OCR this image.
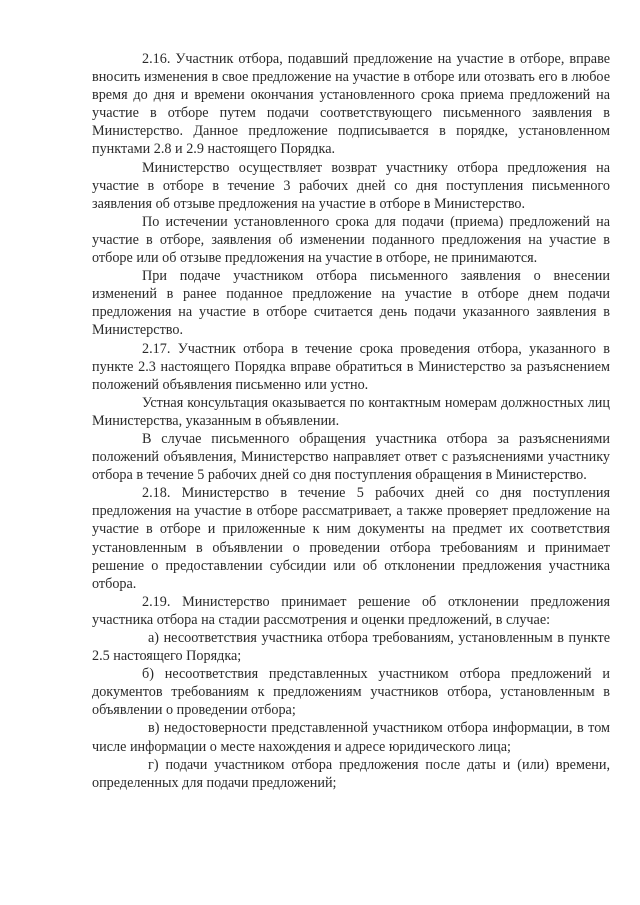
2.16. Участник отбора, подавший предложение на участие в отборе, вправе вносить изменения в свое предложение на участие в отборе или отозвать его в любое время до дня и времени окончания установленного срока приема предложений на участие в отборе путем подачи соответствующего письменного заявления в Министерство. Данное предложение подписывается в порядке, установленном пунктами 2.8 и 2.9 настоящего Порядка.

Министерство осуществляет возврат участнику отбора предложения на участие в отборе в течение 3 рабочих дней со дня поступления письменного заявления об отзыве предложения на участие в отборе в Министерство.

По истечении установленного срока для подачи (приема) предложений на участие в отборе, заявления об изменении поданного предложения на участие в отборе или об отзыве предложения на участие в отборе, не принимаются.

При подаче участником отбора письменного заявления о внесении изменений в ранее поданное предложение на участие в отборе днем подачи предложения на участие в отборе считается день подачи указанного заявления в Министерство.

2.17. Участник отбора в течение срока проведения отбора, указанного в пункте 2.3 настоящего Порядка вправе обратиться в Министерство за разъяснением положений объявления письменно или устно.

Устная консультация оказывается по контактным номерам должностных лиц Министерства, указанным в объявлении.

В случае письменного обращения участника отбора за разъяснениями положений объявления, Министерство направляет ответ с разъяснениями участнику отбора в течение 5 рабочих дней со дня поступления обращения в Министерство.

2.18. Министерство в течение 5 рабочих дней со дня поступления предложения на участие в отборе рассматривает, а также проверяет предложение на участие в отборе и приложенные к ним документы на предмет их соответствия установленным в объявлении о проведении отбора требованиям и принимает решение о предоставлении субсидии или об отклонении предложения участника отбора.

2.19. Министерство принимает решение об отклонении предложения участника отбора на стадии рассмотрения и оценки предложений, в случае:

а) несоответствия участника отбора требованиям, установленным в пункте 2.5 настоящего Порядка;

б) несоответствия представленных участником отбора предложений и документов требованиям к предложениям участников отбора, установленным в объявлении о проведении отбора;

в) недостоверности представленной участником отбора информации, в том числе информации о месте нахождения и адресе юридического лица;

г) подачи участником отбора предложения после даты и (или) времени, определенных для подачи предложений;
